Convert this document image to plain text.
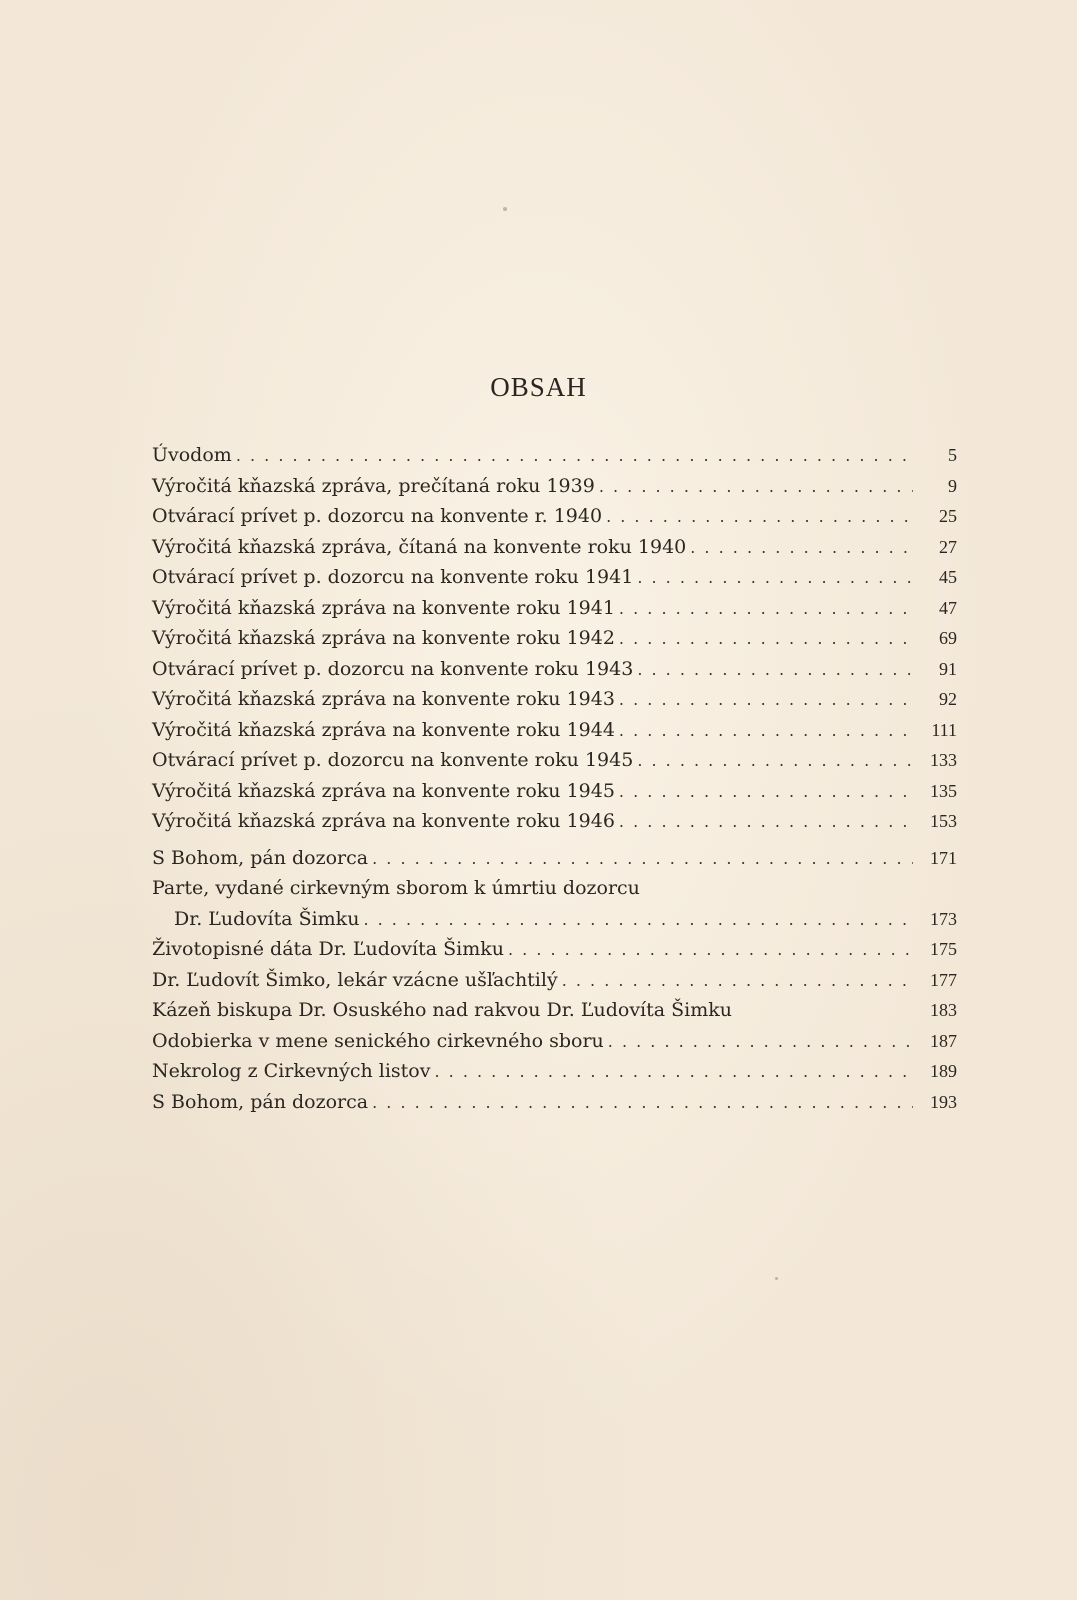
OBSAH
Úvodom . . .	5
Výročitá kňazská zpráva, prečítaná roku 1939 . . .	9
Otvárací prívet p. dozorcu na konvente r. 1940 . . .	25
Výročitá kňazská zpráva, čítaná na konvente roku 1940 . . .	27
Otvárací prívet p. dozorcu na konvente roku 1941 . . .	45
Výročitá kňazská zpráva na konvente roku 1941 . . .	47
Výročitá kňazská zpráva na konvente roku 1942 . . .	69
Otvárací prívet p. dozorcu na konvente roku 1943 . . .	91
Výročitá kňazská zpráva na konvente roku 1943 . . .	92
Výročitá kňazská zpráva na konvente roku 1944 . . .	111
Otvárací prívet p. dozorcu na konvente roku 1945 . . .	133
Výročitá kňazská zpráva na konvente roku 1945 . . .	135
Výročitá kňazská zpráva na konvente roku 1946 . . .	153
S Bohom, pán dozorca . . .	171
Parte, vydané cirkevným sborom k úmrtiu dozorcu
Dr. Ľudovíta Šimku . . .	173
Životopisné dáta Dr. Ľudovíta Šimku . . .	175
Dr. Ľudovít Šimko, lekár vzácne ušľachtilý . . .	177
Kázeň biskupa Dr. Osuského nad rakvou Dr. Ľudovíta Šimku	183
Odobierka v mene senického cirkevného sboru . . .	187
Nekrolog z Cirkevných listov . . .	189
S Bohom, pán dozorca . . .	193
